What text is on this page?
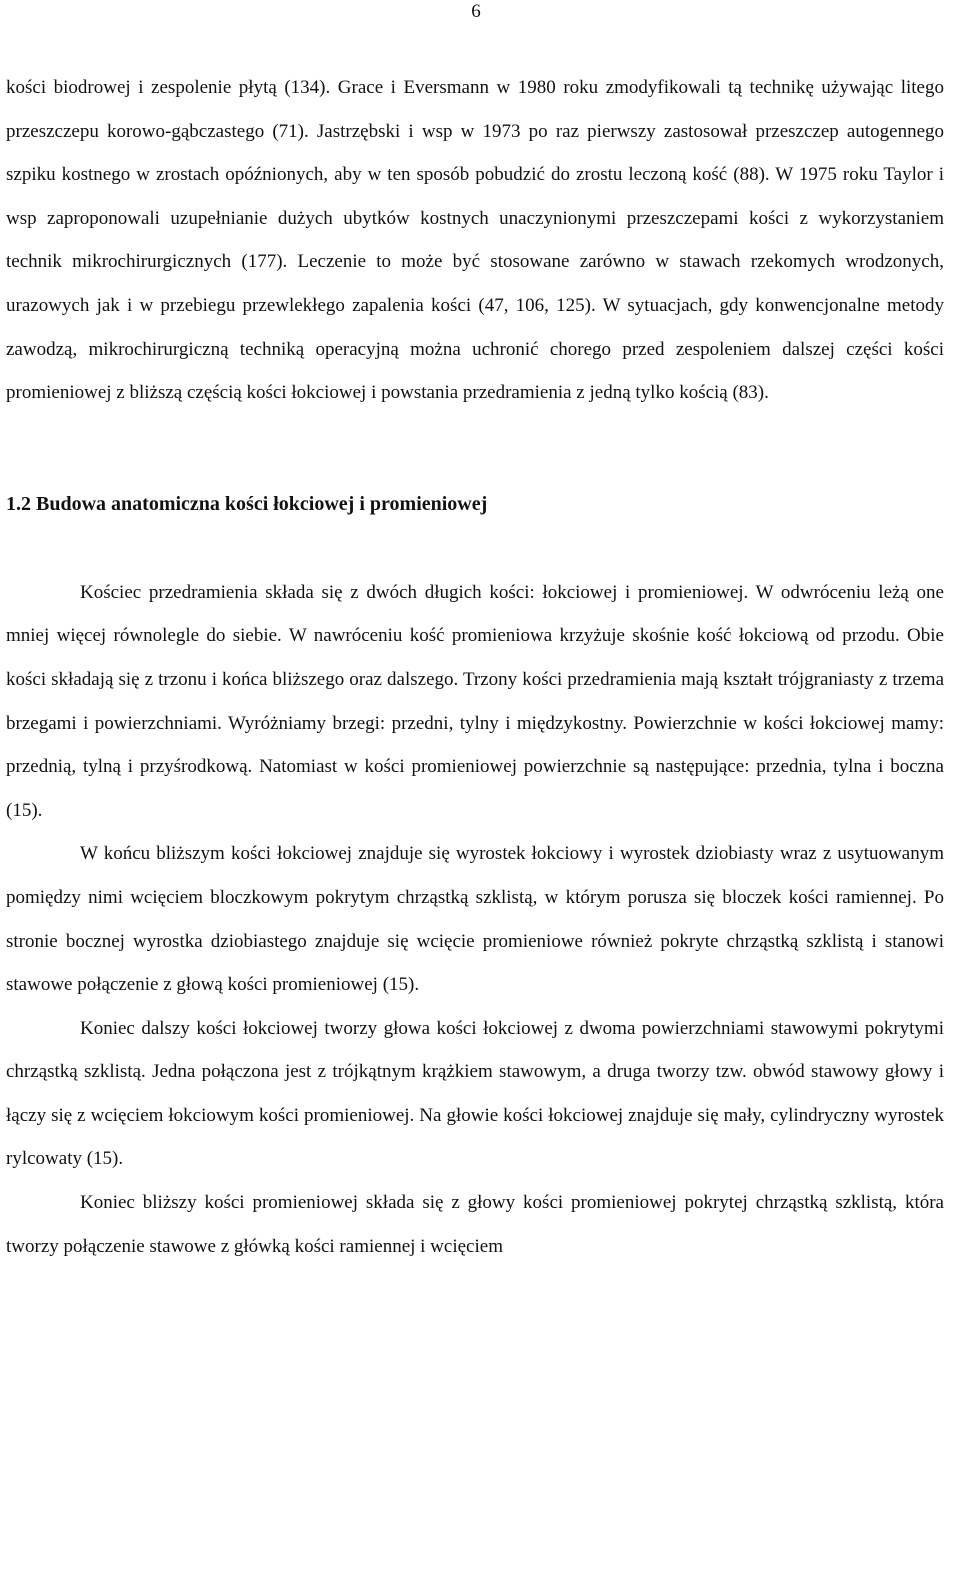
6

kości biodrowej i zespolenie płytą (134). Grace i Eversmann w 1980 roku zmodyfikowali tą technikę używając litego przeszczepu korowo-gąbczastego (71). Jastrzębski i wsp w 1973 po raz pierwszy zastosował przeszczep autogennego szpiku kostnego w zrostach opóźnionych, aby w ten sposób pobudzić do zrostu leczoną kość (88). W 1975 roku Taylor i wsp zaproponowali uzupełnianie dużych ubytków kostnych unaczynionymi przeszczepami kości z wykorzystaniem technik mikrochirurgicznych (177). Leczenie to może być stosowane zarówno w stawach rzekomych wrodzonych, urazowych jak i w przebiegu przewlekłego zapalenia kości (47, 106, 125). W sytuacjach, gdy konwencjonalne metody zawodzą, mikrochirurgiczną techniką operacyjną można uchronić chorego przed zespoleniem dalszej części kości promieniowej z bliższą częścią kości łokciowej i powstania przedramienia z jedną tylko kością (83).

1.2 Budowa anatomiczna kości łokciowej i promieniowej

Kościec przedramienia składa się z dwóch długich kości: łokciowej i promieniowej. W odwróceniu leżą one mniej więcej równolegle do siebie. W nawróceniu kość promieniowa krzyżuje skośnie kość łokciową od przodu. Obie kości składają się z trzonu i końca bliższego oraz dalszego. Trzony kości przedramienia mają kształt trójgraniasty z trzema brzegami i powierzchniami. Wyróżniamy brzegi: przedni, tylny i międzykostny. Powierzchnie w kości łokciowej mamy: przednią, tylną i przyśrodkową. Natomiast w kości promieniowej powierzchnie są następujące: przednia, tylna i boczna (15).

W końcu bliższym kości łokciowej znajduje się wyrostek łokciowy i wyrostek dziobiasty wraz z usytuowanym pomiędzy nimi wcięciem bloczkowym pokrytym chrząstką szklistą, w którym porusza się bloczek kości ramiennej. Po stronie bocznej wyrostka dziobiastego znajduje się wcięcie promieniowe również pokryte chrząstką szklistą i stanowi stawowe połączenie z głową kości promieniowej (15).

Koniec dalszy kości łokciowej tworzy głowa kości łokciowej z dwoma powierzchniami stawowymi pokrytymi chrząstką szklistą. Jedna połączona jest z trójkątnym krążkiem stawowym, a druga tworzy tzw. obwód stawowy głowy i łączy się z wcięciem łokciowym kości promieniowej. Na głowie kości łokciowej znajduje się mały, cylindryczny wyrostek rylcowaty (15).

Koniec bliższy kości promieniowej składa się z głowy kości promieniowej pokrytej chrząstką szklistą, która tworzy połączenie stawowe z główką kości ramiennej i wcięciem
